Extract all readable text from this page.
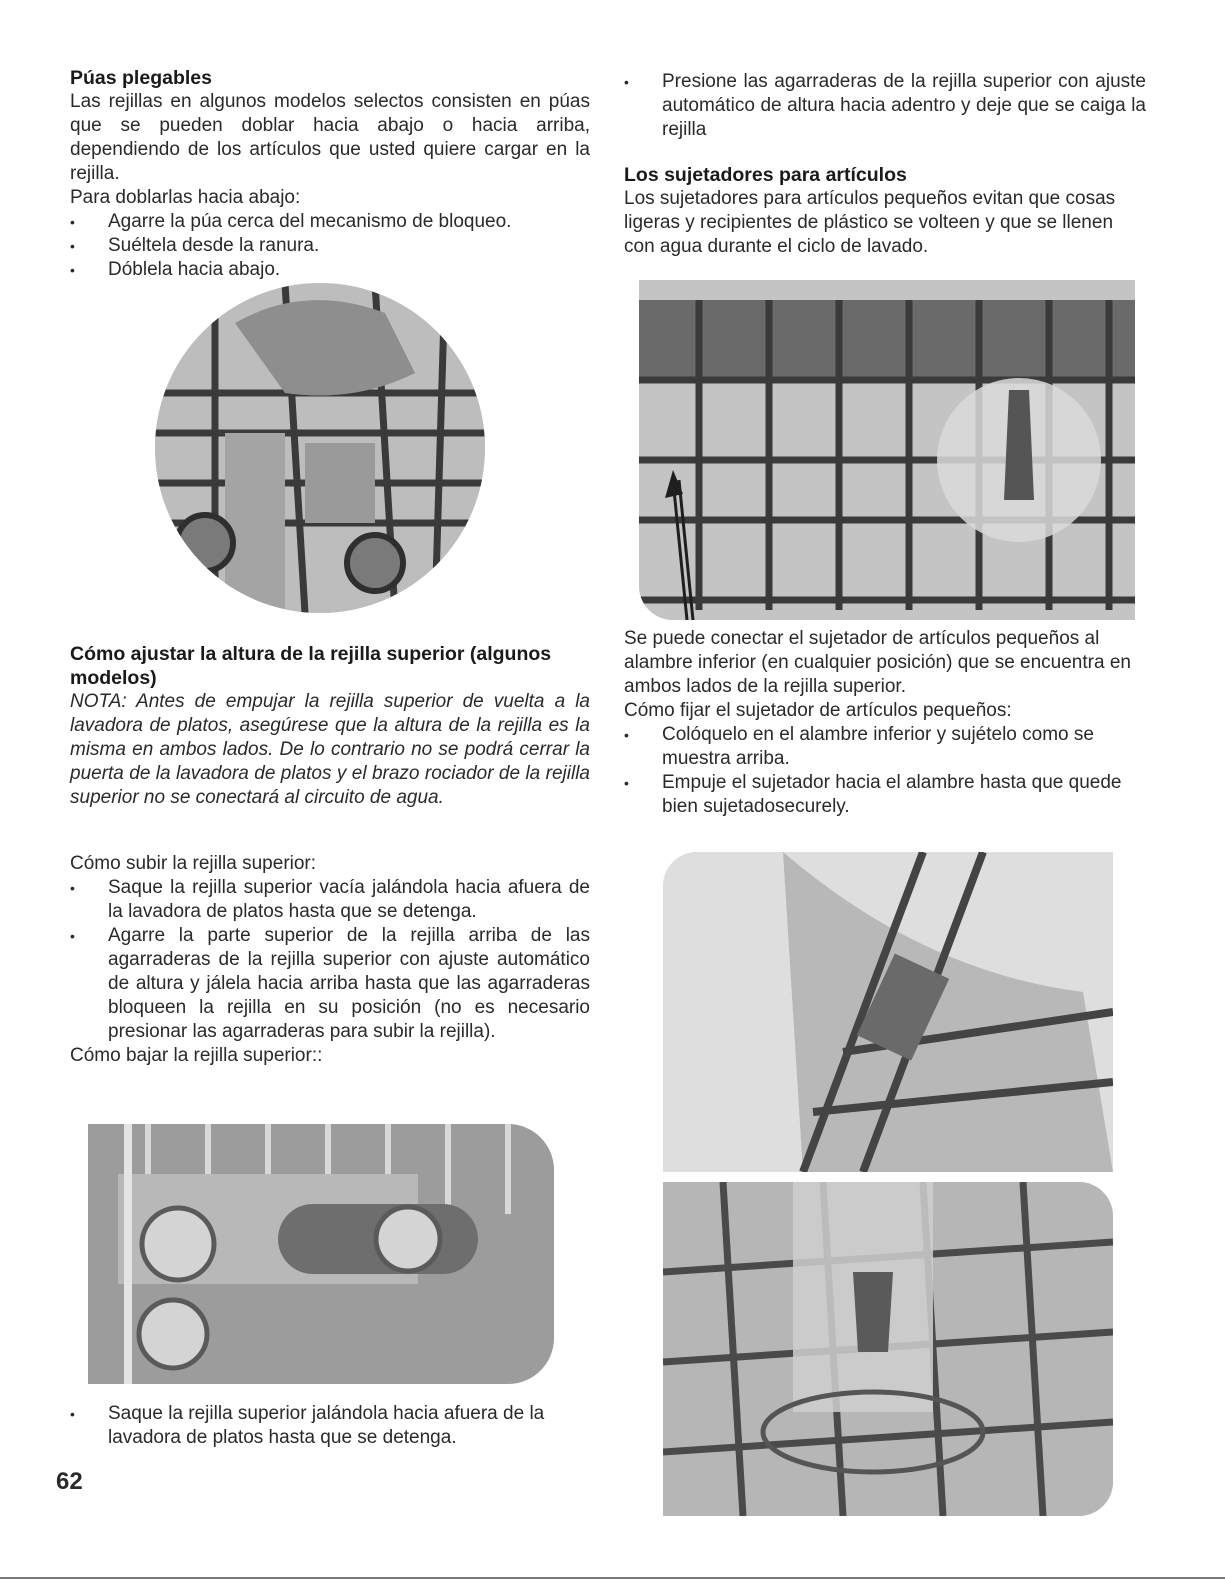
Púas plegables

Las rejillas en algunos modelos selectos consisten en púas que se pueden doblar hacia abajo o hacia arriba, dependiendo de los artículos que usted quiere cargar en la rejilla.

Para doblarlas hacia abajo:

• Agarre la púa cerca del mecanismo de bloqueo.
• Suéltela desde la ranura.
• Dóblela hacia abajo.
Cómo ajustar la altura de la rejilla superior (algunos modelos)

NOTA: Antes de empujar la rejilla superior de vuelta a la lavadora de platos, asegúrese que la altura de la rejilla es la misma en ambos lados. De lo contrario no se podrá cerrar la puerta de la lavadora de platos y el brazo rociador de la rejilla superior no se conectará al circuito de agua.

Cómo subir la rejilla superior:

• Saque la rejilla superior vacía jalándola hacia afuera de la lavadora de platos hasta que se detenga.
• Agarre la parte superior de la rejilla arriba de las agarraderas de la rejilla superior con ajuste automático de altura y jálela hacia arriba hasta que las agarraderas bloqueen la rejilla en su posición (no es necesario presionar las agarraderas para subir la rejilla).

Cómo bajar la rejilla superior::

• Saque la rejilla superior jalándola hacia afuera de la lavadora de platos hasta que se detenga.
• Presione las agarraderas de la rejilla superior con ajuste automático de altura hacia adentro y deje que se caiga la rejilla
Los sujetadores para artículos

Los sujetadores para artículos pequeños evitan que cosas ligeras y recipientes de plástico se volteen y que se llenen con agua durante el ciclo de lavado.

Se puede conectar el sujetador de artículos pequeños al alambre inferior (en cualquier posición) que se encuentra en ambos lados de la rejilla superior.

Cómo fijar el sujetador de artículos pequeños:

• Colóquelo en el alambre inferior y sujételo como se muestra arriba.
• Empuje el sujetador hacia el alambre hasta que quede bien sujetadosecurely.
62
